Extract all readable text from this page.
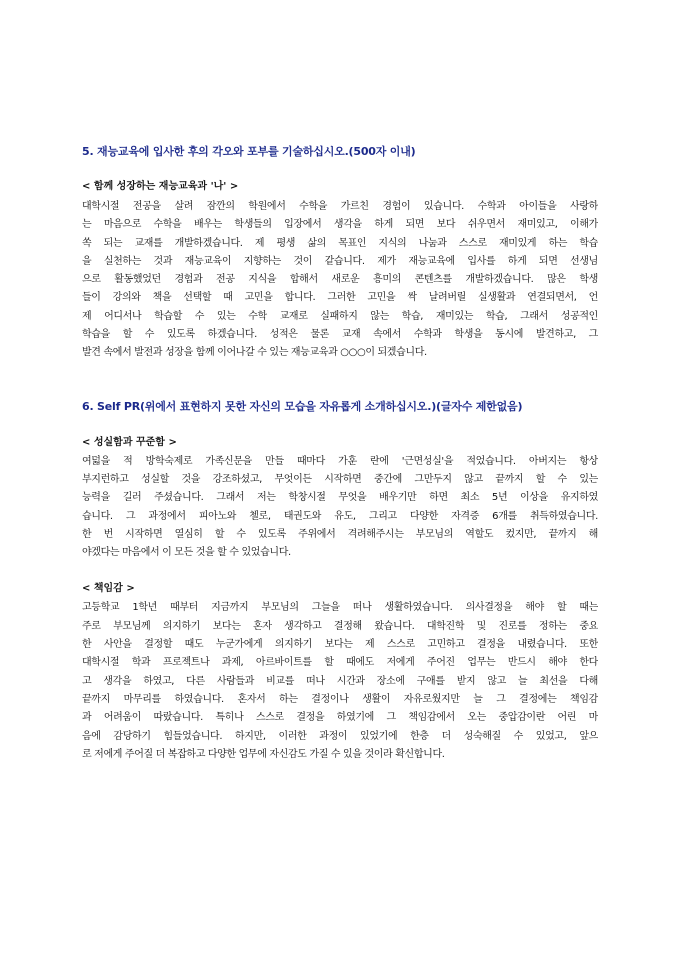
5. 재능교육에 입사한 후의 각오와 포부를 기술하십시오.(500자 이내)

< 함께 성장하는 재능교육과 '나' >

대학시절 전공을 살려 잠깐의 학원에서 수학을 가르친 경험이 있습니다. 수학과 아이들을 사랑하
는 마음으로 수학을 배우는 학생들의 입장에서 생각을 하게 되면 보다 쉬우면서 재미있고, 이해가
쏙 되는 교재를 개발하겠습니다. 제 평생 삶의 목표인 지식의 나눔과 스스로 재미있게 하는 학습
을 실천하는 것과 재능교육이 지향하는 것이 같습니다. 제가 재능교육에 입사를 하게 되면 선생님
으로 활동했었던 경험과 전공 지식을 합해서 새로운 흥미의 콘텐츠를 개발하겠습니다. 많은 학생
들이 강의와 책을 선택할 때 고민을 합니다. 그러한 고민을 싹 날려버릴 실생활과 연결되면서, 언
제 어디서나 학습할 수 있는 수학 교재로 실패하지 않는 학습, 재미있는 학습, 그래서 성공적인
학습을 할 수 있도록 하겠습니다. 성적은 물론 교재 속에서 수학과 학생을 동시에 발견하고, 그
발견 속에서 발전과 성장을 함께 이어나갈 수 있는 재능교육과 ○○○이 되겠습니다.
6. Self PR(위에서 표현하지 못한 자신의 모습을 자유롭게 소개하십시오.)(글자수 제한없음)

< 성실함과 꾸준함 >

여덟을 적 방학숙제로 가족신문을 만들 때마다 가훈 란에 '근면성실'을 적었습니다. 아버지는 항상
부지런하고 성실할 것을 강조하셨고, 무엇이든 시작하면 중간에 그만두지 않고 끝까지 할 수 있는
능력을 길러 주셨습니다. 그래서 저는 학창시절 무엇을 배우기만 하면 최소 5년 이상을 유지하였
습니다. 그 과정에서 피아노와 첼로, 태권도와 유도, 그리고 다양한 자격증 6개를 취득하였습니다.
한 번 시작하면 열심히 할 수 있도록 주위에서 격려해주시는 부모님의 역할도 컸지만, 끝까지 해
야겠다는 마음에서 이 모든 것을 할 수 있었습니다.

< 책임감 >

고등학교 1학년 때부터 지금까지 부모님의 그늘을 떠나 생활하였습니다. 의사결정을 해야 할 때는
주로 부모님께 의지하기 보다는 혼자 생각하고 결정해 왔습니다. 대학진학 및 진로를 정하는 중요
한 사안을 결정할 때도 누군가에게 의지하기 보다는 제 스스로 고민하고 결정을 내렸습니다. 또한
대학시절 학과 프로젝트나 과제, 아르바이트를 할 때에도 저에게 주어진 업무는 반드시 해야 한다
고 생각을 하였고, 다른 사람들과 비교를 떠나 시간과 장소에 구애를 받지 않고 늘 최선을 다해
끝까지 마무리를 하였습니다. 혼자서 하는 결정이나 생활이 자유로웠지만 늘 그 결정에는 책임감
과 어려움이 따랐습니다. 특히나 스스로 결정을 하였기에 그 책임감에서 오는 중압감이란 어린 마
음에 감당하기 힘들었습니다. 하지만, 이러한 과정이 있었기에 한층 더 성숙해질 수 있었고, 앞으
로 저에게 주어질 더 복잡하고 다양한 업무에 자신감도 가질 수 있을 것이라 확신합니다.
